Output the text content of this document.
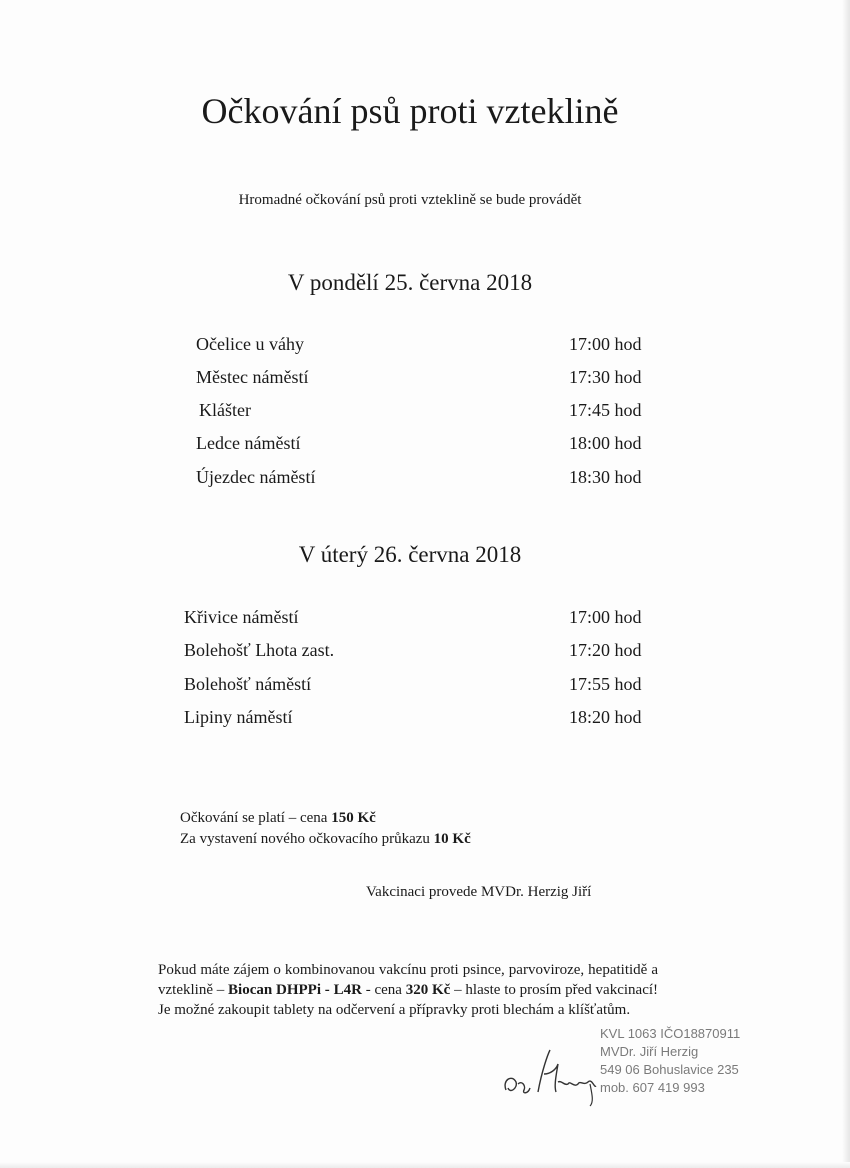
Očkování psů proti vzteklině
Hromadné očkování psů proti vzteklině se bude provádět
V pondělí 25. června 2018
Očelice u váhy	17:00 hod
Městec náměstí	17:30 hod
Klášter	17:45 hod
Ledce náměstí	18:00 hod
Újezdec náměstí	18:30 hod
V úterý 26. června 2018
Křivice náměstí	17:00 hod
Bolehošť Lhota zast.	17:20 hod
Bolehošť náměstí	17:55 hod
Lipiny náměstí	18:20 hod
Očkování se platí – cena 150 Kč
Za vystavení nového očkovacího průkazu 10 Kč
Vakcinaci provede MVDr. Herzig Jiří

Pokud máte zájem o kombinovanou vakcínu proti psince, parvoviroze, hepatitidě a vzteklině – Biocan DHPPi - L4R - cena 320 Kč – hlaste to prosím před vakcinací! Je možné zakoupit tablety na odčervení a přípravky proti blechám a klíšťatům.

KVL 1063 IČO18870911
MVDr. Jiří Herzig
549 06 Bohuslavice 235
mob. 607 419 993
